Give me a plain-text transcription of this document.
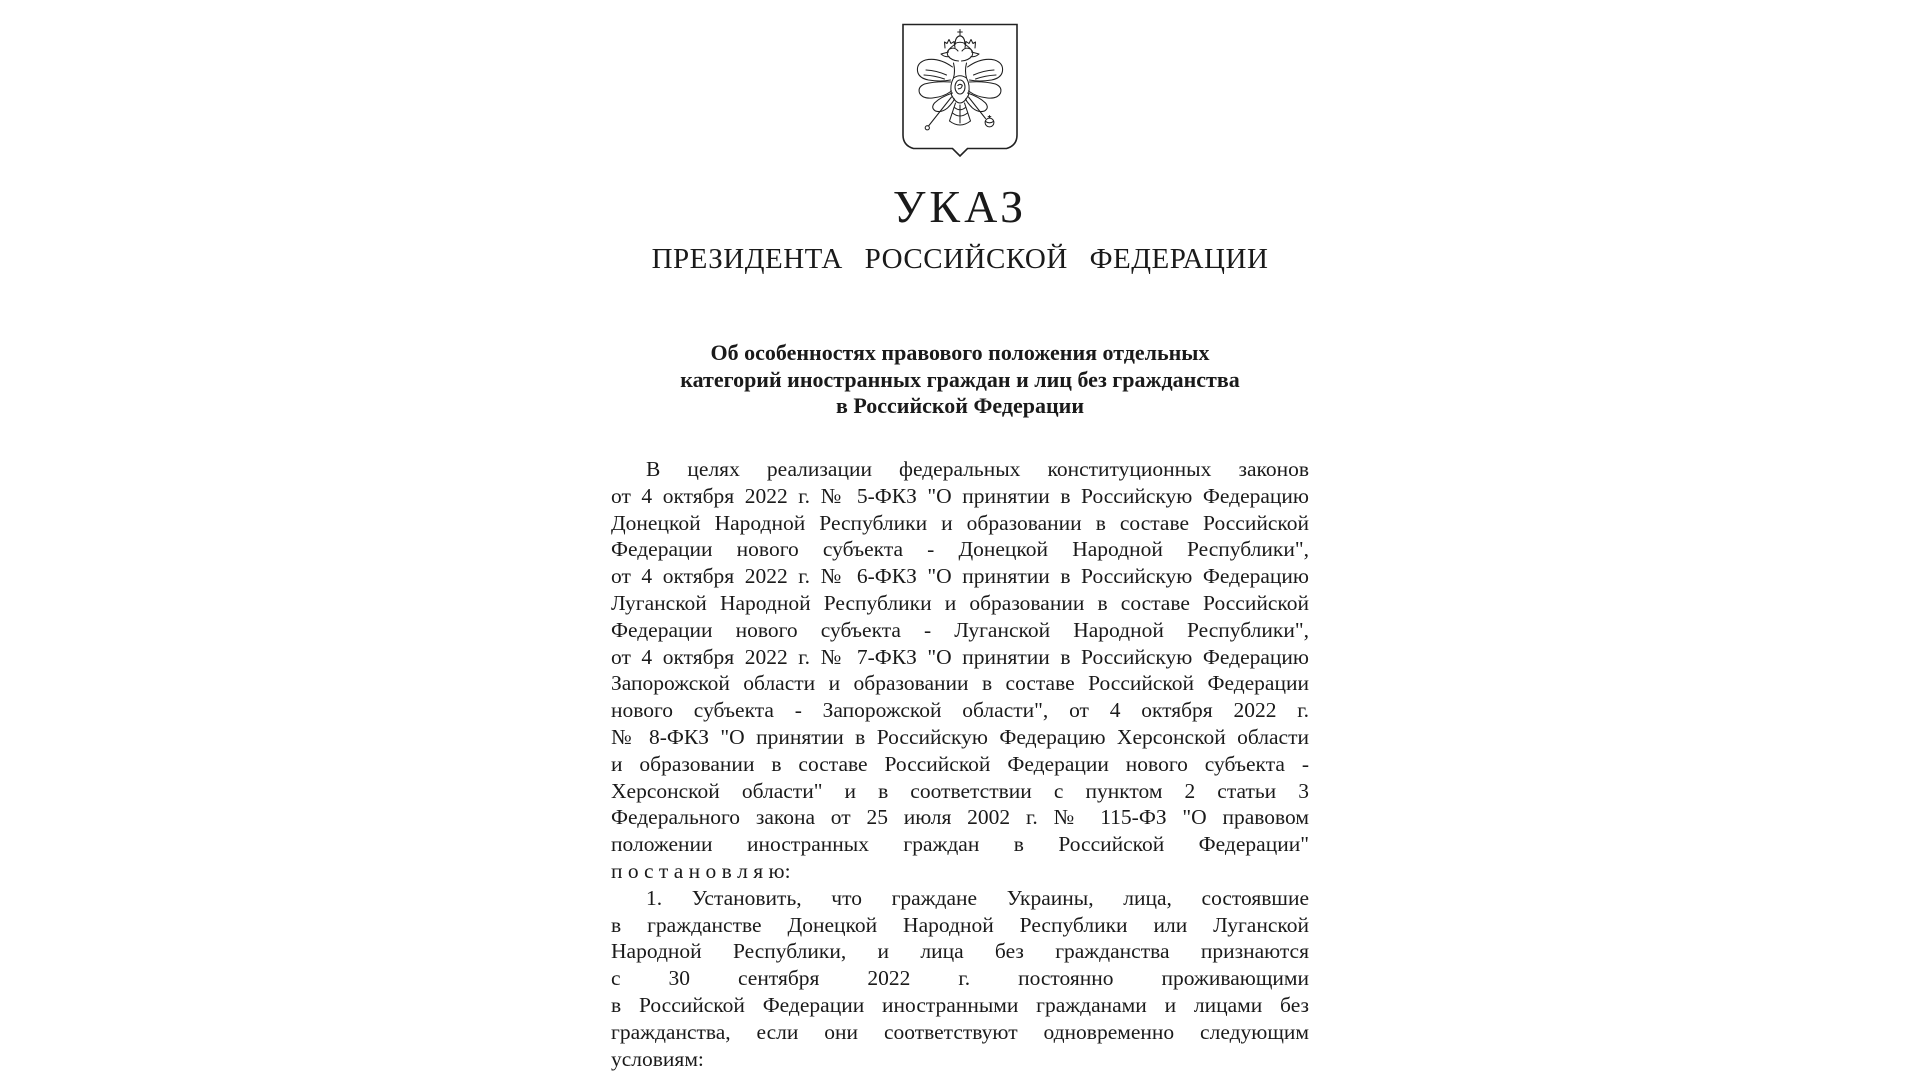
УКАЗ
ПРЕЗИДЕНТА РОССИЙСКОЙ ФЕДЕРАЦИИ
Об особенностях правового положения отдельных
категорий иностранных граждан и лиц без гражданства
в Российской Федерации
В целях реализации федеральных конституционных законов
от 4 октября 2022 г. № 5-ФКЗ "О принятии в Российскую Федерацию
Донецкой Народной Республики и образовании в составе Российской
Федерации нового субъекта - Донецкой Народной Республики",
от 4 октября 2022 г. № 6-ФКЗ "О принятии в Российскую Федерацию
Луганской Народной Республики и образовании в составе Российской
Федерации нового субъекта - Луганской Народной Республики",
от 4 октября 2022 г. № 7-ФКЗ "О принятии в Российскую Федерацию
Запорожской области и образовании в составе Российской Федерации
нового субъекта - Запорожской области", от 4 октября 2022 г.
№ 8-ФКЗ "О принятии в Российскую Федерацию Херсонской области
и образовании в составе Российской Федерации нового субъекта -
Херсонской области" и в соответствии с пунктом 2 статьи 3
Федерального закона от 25 июля 2002 г. № 115-ФЗ "О правовом
положении иностранных граждан в Российской Федерации"
п о с т а н о в л я ю:
1. Установить, что граждане Украины, лица, состоявшие
в гражданстве Донецкой Народной Республики или Луганской
Народной Республики, и лица без гражданства признаются
с 30 сентября 2022 г. постоянно проживающими
в Российской Федерации иностранными гражданами и лицами без
гражданства, если они соответствуют одновременно следующим
условиям:
